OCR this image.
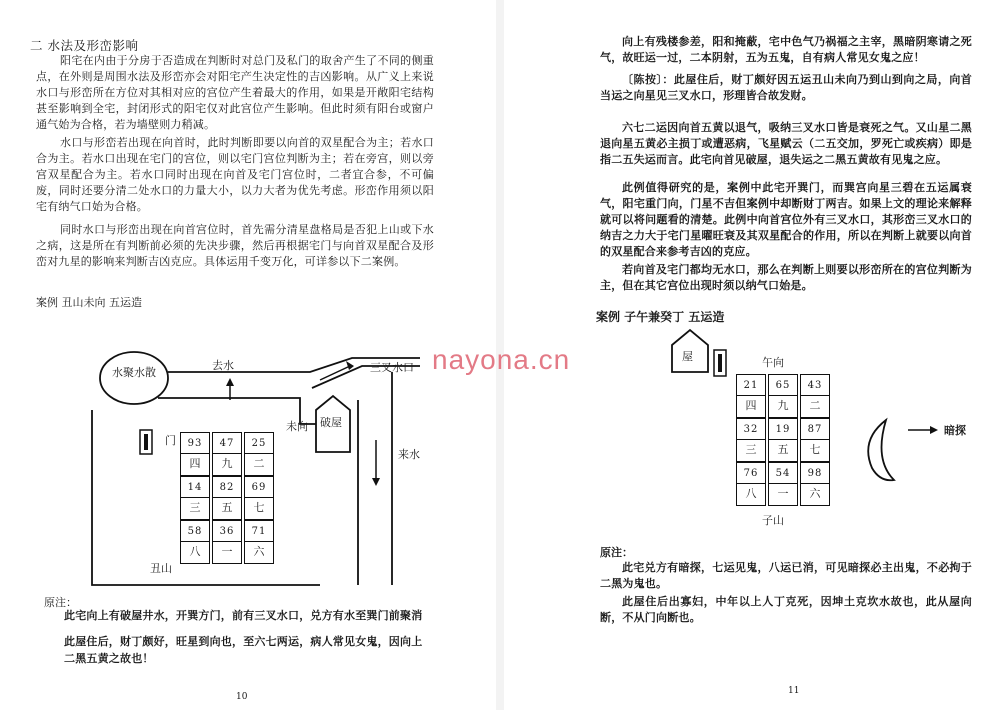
二 水法及形峦影响

阳宅在内由于分房于否造成在判断时对总门及私门的取舍产生了不同的侧重点，在外则是周围水法及形峦亦会对阳宅产生决定性的吉凶影响。从广义上来说水口与形峦所在方位对其相对应的宫位产生着最大的作用，如果是开敞阳宅结构甚至影响到全宅，封闭形式的阳宅仅对此宫位产生影响。但此时须有阳台或窗户通气始为合格，若为墙壁则力稍减。

水口与形峦若出现在向首时，此时判断即要以向首的双星配合为主；若水口合为主。若水口出现在宅门的宫位，则以宅门宫位判断为主；若在旁宫，则以旁宫双星配合为主。若水口同时出现在向首及宅门宫位时，二者宜合参，不可偏废，同时还要分清二处水口的力量大小，以力大者为优先考虑。形峦作用须以阳宅有纳气口始为合格。

同时水口与形峦出现在向首宫位时，首先需分清星盘格局是否犯上山或下水之病，这是所在有判断前必须的先决步骤，然后再根据宅门与向首双星配合及形峦对九星的影响来判断吉凶克应。具体运用千变万化，可详参以下二案例。

案例 丑山未向 五运造
水聚水散
去水	三叉水口
未向 破屋
来水
门
丑山
93
四
47
九
25
二
14
三
82
五
69
七
58
八
36
一
71
六
原注：
此宅向上有破屋井水，开巽方门，前有三叉水口，兑方有水至巽门前聚消
此屋住后，财丁颇好，旺星到向也，至六七两运，病人常见女鬼，因向上
二黑五黄之故也！
10

向上有残楼参差，阳和掩蔽，宅中色气乃祸福之主宰，黑暗阴寒请之死气，故旺运一过，二本阴射，五为五鬼，自有病人常见女鬼之应！

〔陈按〕：此屋住后，财丁颇好因五运丑山未向乃到山到向之局，向首当运之向星见三叉水口，形理皆合故发财。

六七二运因向首五黄以退气，吸纳三叉水口皆是衰死之气。又山星二黑退向星五黄必主损丁或遭恶病，飞星赋云（二五交加，罗死亡或疾病）即是指二五失运而言。此宅向首见破屋，退失运之二黑五黄故有见鬼之应。

此例值得研究的是，案例中此宅开巽门，而巽宫向星三碧在五运属衰气，阳宅重门向，门星不吉但案例中却断财丁两吉。如果上文的理论来解释就可以将问题看的清楚。此例中向首宫位外有三叉水口，其形峦三叉水口的纳吉之力大于宅门星曜旺衰及其双星配合的作用，所以在判断上就要以向首的双星配合来参考吉凶的克应。

若向首及宅门都均无水口，那么在判断上则要以形峦所在的宫位判断为主，但在其它宫位出现时须以纳气口始是。

案例 子午兼癸丁 五运造
屋	午向
子山
暗探
21
四
65
九
43
二
32
三
19
五
87
七
76
八
54
一
98
六
原注：

此宅兑方有暗探，七运见鬼，八运已消，可见暗探必主出鬼，不必拘于二黑为鬼也。

此屋住后出寡妇，中年以上人丁克死，因坤土克坎水故也，此从屋向断，不从门向断也。

11
nayona.cn
